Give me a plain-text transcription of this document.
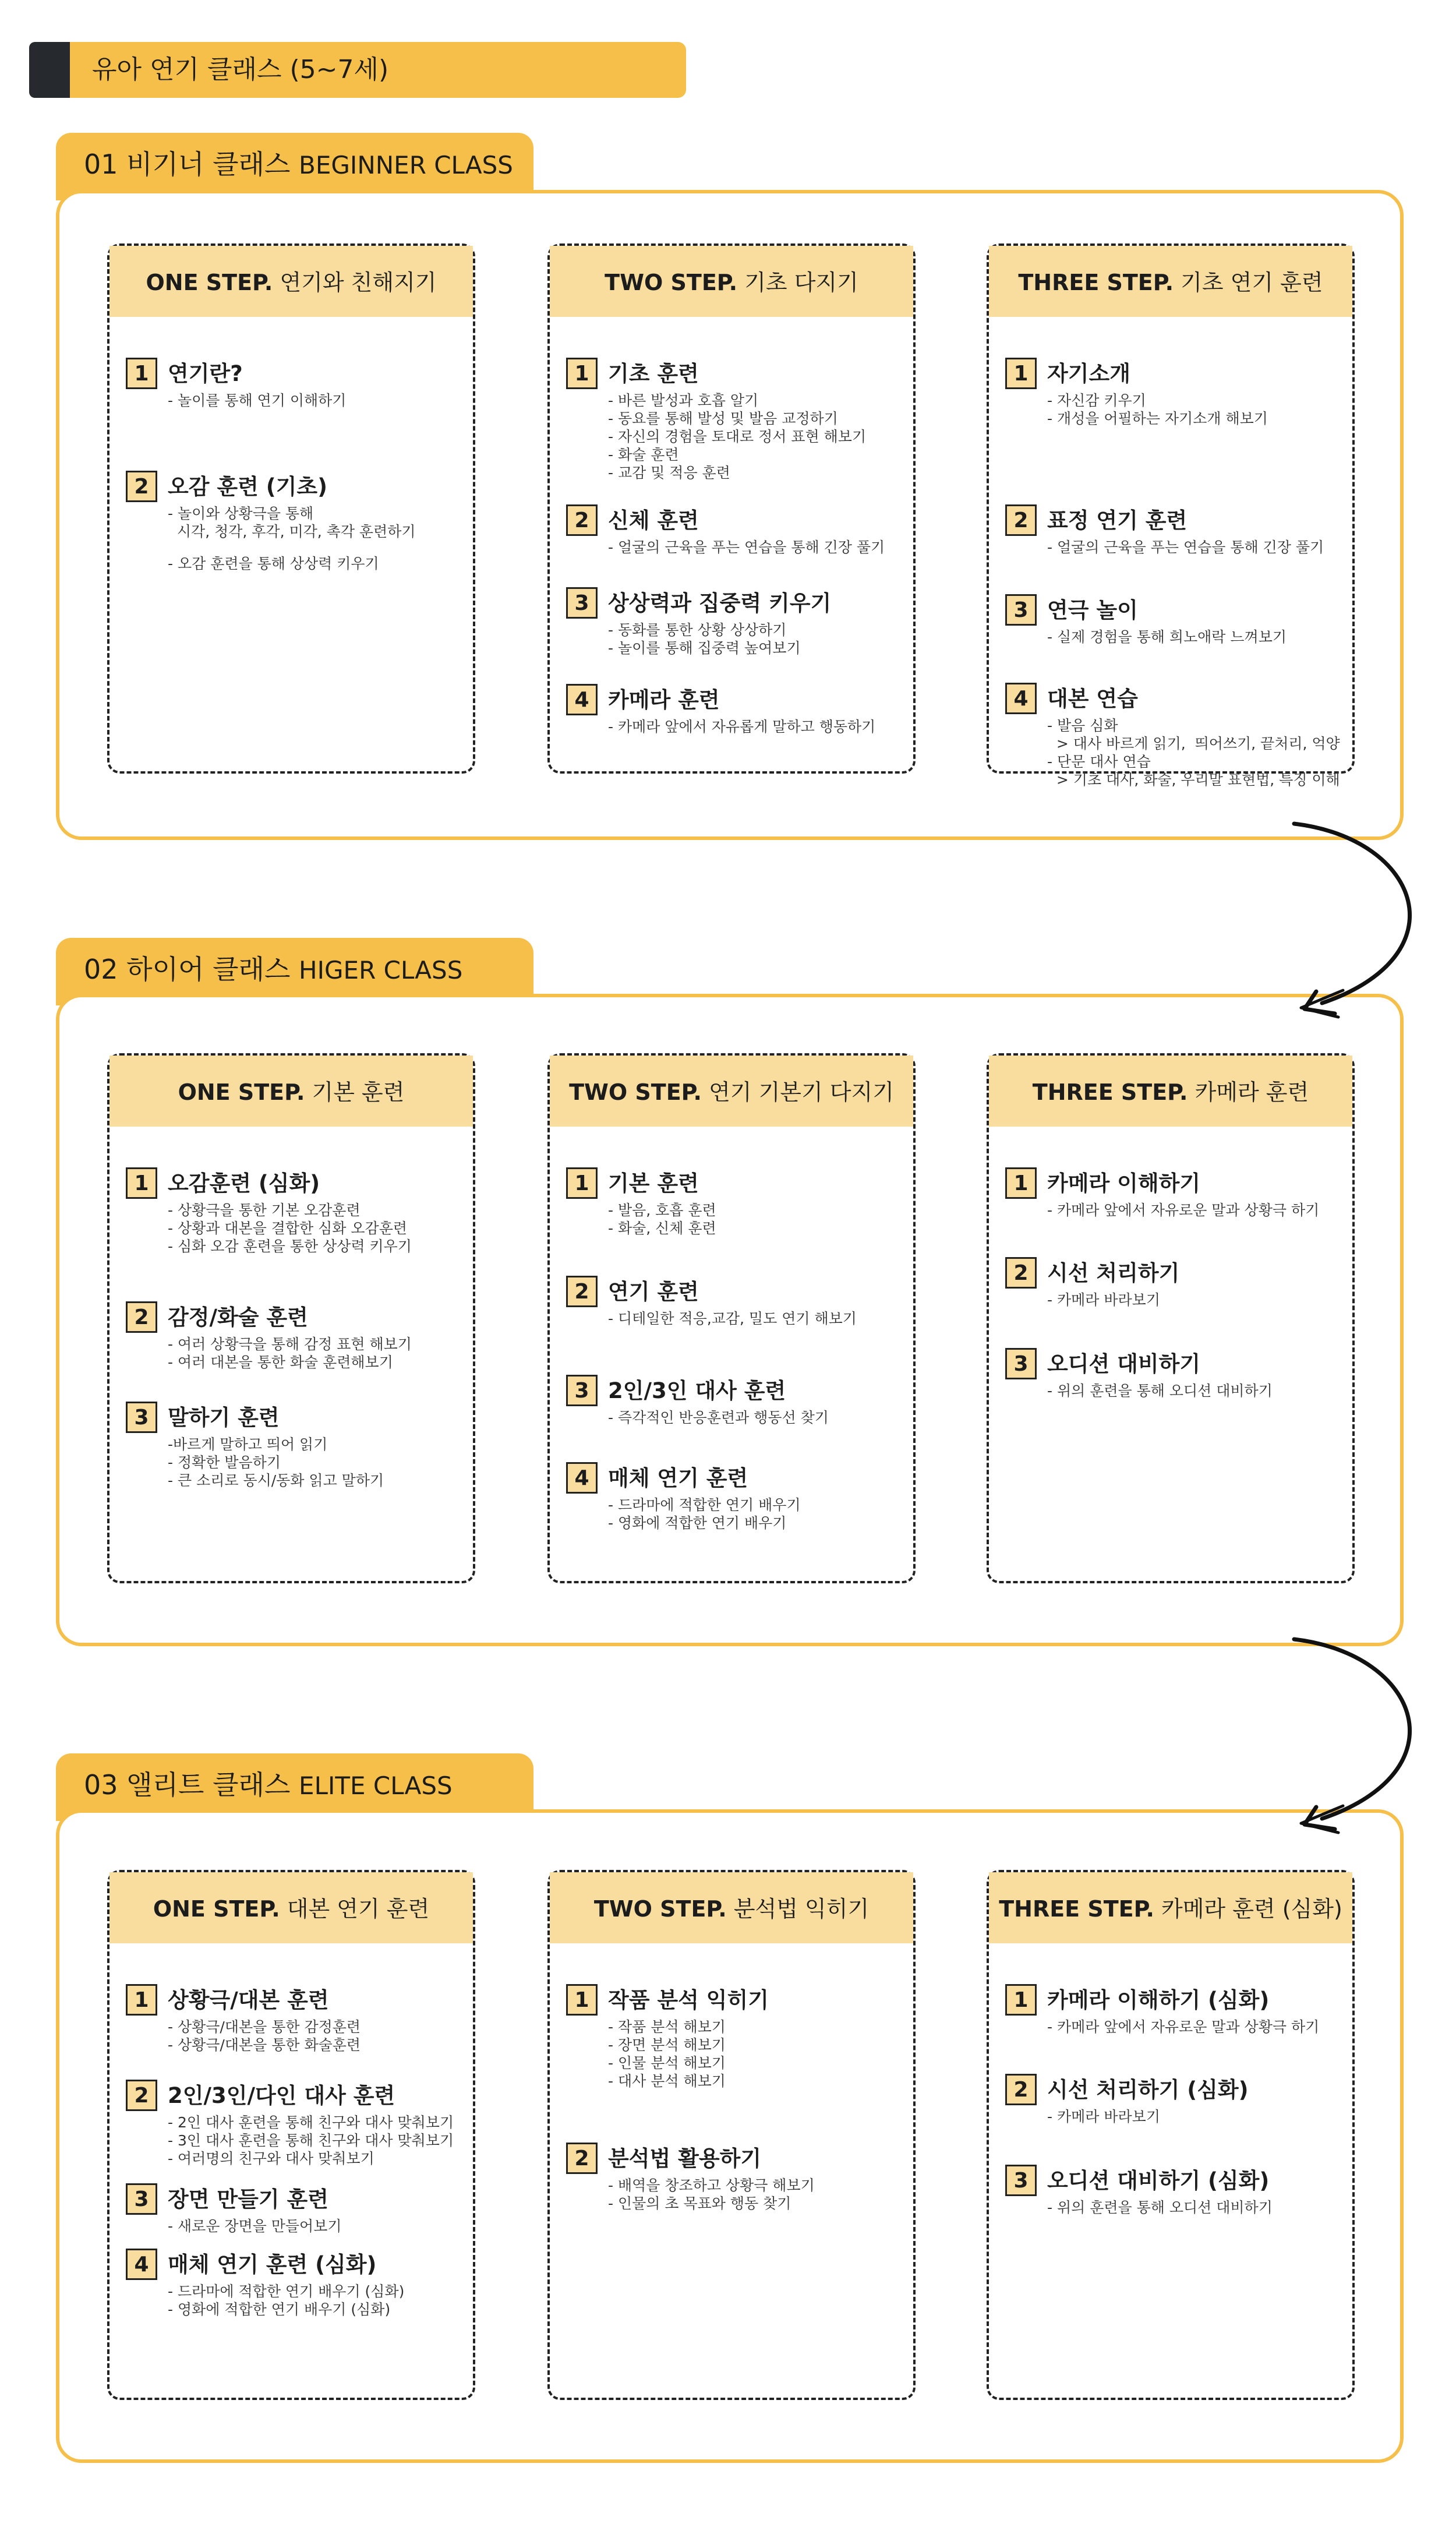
유아 연기 클래스 (5~7세)
01 비기너 클래스 BEGINNER CLASS
02 하이어 클래스 HIGER CLASS
03 앨리트 클래스 ELITE CLASS
ONE STEP. 연기와 친해지기
1 연기란?
- 놀이를 통해 연기 이해하기
2 오감 훈련 (기초)
- 놀이와 상황극을 통해
시각, 청각, 후각, 미각, 촉각 훈련하기
- 오감 훈련을 통해 상상력 키우기
TWO STEP. 기초 다지기
1 기초 훈련
- 바른 발성과 호흡 알기
- 동요를 통해 발성 및 발음 교정하기
- 자신의 경험을 토대로 정서 표현 해보기
- 화술 훈련
- 교감 및 적응 훈련
2 신체 훈련
- 얼굴의 근육을 푸는 연습을 통해 긴장 풀기
3 상상력과 집중력 키우기
- 동화를 통한 상황 상상하기
- 놀이를 통해 집중력 높여보기
4 카메라 훈련
- 카메라 앞에서 자유롭게 말하고 행동하기
THREE STEP. 기초 연기 훈련
1 자기소개
- 자신감 키우기
- 개성을 어필하는 자기소개 해보기
2 표정 연기 훈련
- 얼굴의 근육을 푸는 연습을 통해 긴장 풀기
3 연극 놀이
- 실제 경험을 통해 희노애락 느껴보기
4 대본 연습
- 발음 심화
> 대사 바르게 읽기,  띄어쓰기, 끝처리, 억양
- 단문 대사 연습
> 기초 대사, 화술, 우리말 표현법, 특징 이해
ONE STEP. 기본 훈련
1 오감훈련 (심화)
- 상황극을 통한 기본 오감훈련
- 상황과 대본을 결합한 심화 오감훈련
- 심화 오감 훈련을 통한 상상력 키우기
2 감정/화술 훈련
- 여러 상황극을 통해 감정 표현 해보기
- 여러 대본을 통한 화술 훈련해보기
3 말하기 훈련
-바르게 말하고 띄어 읽기
- 정확한 발음하기
- 큰 소리로 동시/동화 읽고 말하기
TWO STEP. 연기 기본기 다지기
1 기본 훈련
- 발음, 호흡 훈련
- 화술, 신체 훈련
2 연기 훈련
- 디테일한 적응,교감, 밀도 연기 해보기
3 2인/3인 대사 훈련
- 즉각적인 반응훈련과 행동선 찾기
4 매체 연기 훈련
- 드라마에 적합한 연기 배우기
- 영화에 적합한 연기 배우기
THREE STEP. 카메라 훈련
1 카메라 이해하기
- 카메라 앞에서 자유로운 말과 상황극 하기
2 시선 처리하기
- 카메라 바라보기
3 오디션 대비하기
- 위의 훈련을 통해 오디션 대비하기
ONE STEP. 대본 연기 훈련
1 상황극/대본 훈련
- 상황극/대본을 통한 감정훈련
- 상황극/대본을 통한 화술훈련
2 2인/3인/다인 대사 훈련
- 2인 대사 훈련을 통해 친구와 대사 맞춰보기
- 3인 대사 훈련을 통해 친구와 대사 맞춰보기
- 여러명의 친구와 대사 맞춰보기
3 장면 만들기 훈련
- 새로운 장면을 만들어보기
4 매체 연기 훈련 (심화)
- 드라마에 적합한 연기 배우기 (심화)
- 영화에 적합한 연기 배우기 (심화)
TWO STEP. 분석법 익히기
1 작품 분석 익히기
- 작품 분석 해보기
- 장면 분석 해보기
- 인물 분석 해보기
- 대사 분석 해보기
2 분석법 활용하기
- 배역을 창조하고 상황극 해보기
- 인물의 초 목표와 행동 찾기
THREE STEP. 카메라 훈련 (심화)
1 카메라 이해하기 (심화)
- 카메라 앞에서 자유로운 말과 상황극 하기
2 시선 처리하기 (심화)
- 카메라 바라보기
3 오디션 대비하기 (심화)
- 위의 훈련을 통해 오디션 대비하기
